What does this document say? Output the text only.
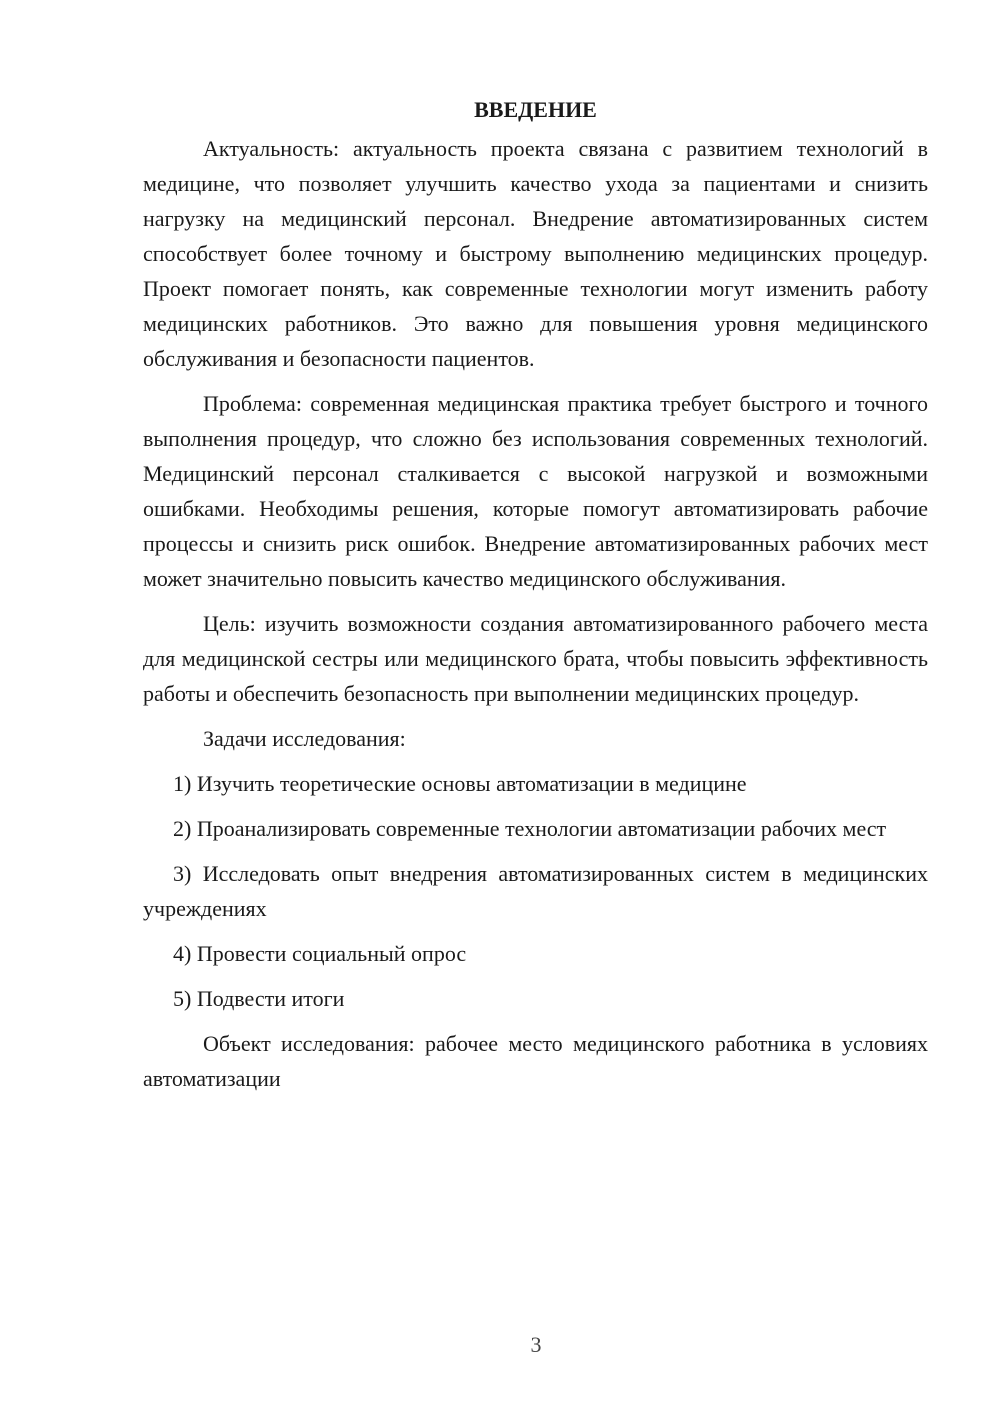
ВВЕДЕНИЕ

Актуальность: актуальность проекта связана с развитием технологий в медицине, что позволяет улучшить качество ухода за пациентами и снизить нагрузку на медицинский персонал. Внедрение автоматизированных систем способствует более точному и быстрому выполнению медицинских процедур. Проект помогает понять, как современные технологии могут изменить работу медицинских работников. Это важно для повышения уровня медицинского обслуживания и безопасности пациентов.

Проблема: современная медицинская практика требует быстрого и точного выполнения процедур, что сложно без использования современных технологий. Медицинский персонал сталкивается с высокой нагрузкой и возможными ошибками. Необходимы решения, которые помогут автоматизировать рабочие процессы и снизить риск ошибок. Внедрение автоматизированных рабочих мест может значительно повысить качество медицинского обслуживания.

Цель: изучить возможности создания автоматизированного рабочего места для медицинской сестры или медицинского брата, чтобы повысить эффективность работы и обеспечить безопасность при выполнении медицинских процедур.

Задачи исследования:

1) Изучить теоретические основы автоматизации в медицине

2) Проанализировать современные технологии автоматизации рабочих мест

3) Исследовать опыт внедрения автоматизированных систем в медицинских учреждениях

4) Провести социальный опрос

5) Подвести итоги

Объект исследования: рабочее место медицинского работника в условиях автоматизации

3
